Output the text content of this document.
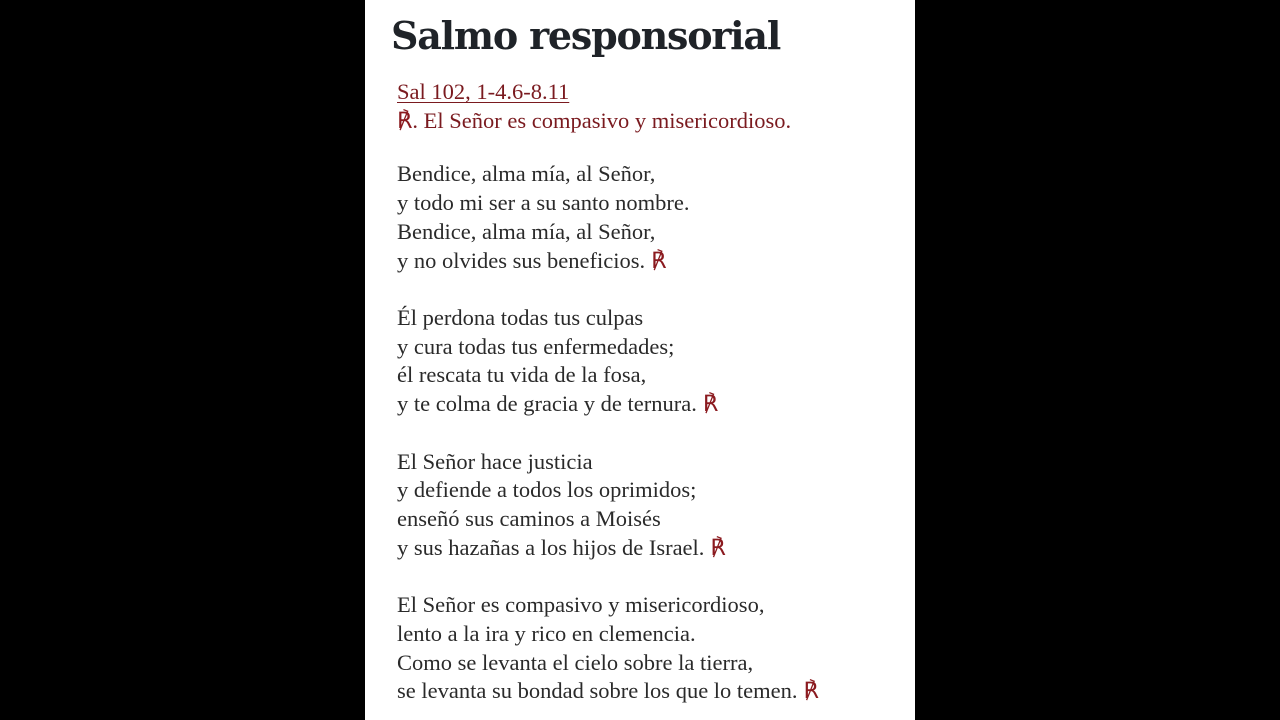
Salmo responsorial
Sal 102, 1-4.6-8.11
℟. El Señor es compasivo y misericordioso.
Bendice, alma mía, al Señor,
y todo mi ser a su santo nombre.
Bendice, alma mía, al Señor,
y no olvides sus beneficios. ℟
Él perdona todas tus culpas
y cura todas tus enfermedades;
él rescata tu vida de la fosa,
y te colma de gracia y de ternura. ℟
El Señor hace justicia
y defiende a todos los oprimidos;
enseñó sus caminos a Moisés
y sus hazañas a los hijos de Israel. ℟
El Señor es compasivo y misericordioso,
lento a la ira y rico en clemencia.
Como se levanta el cielo sobre la tierra,
se levanta su bondad sobre los que lo temen. ℟
